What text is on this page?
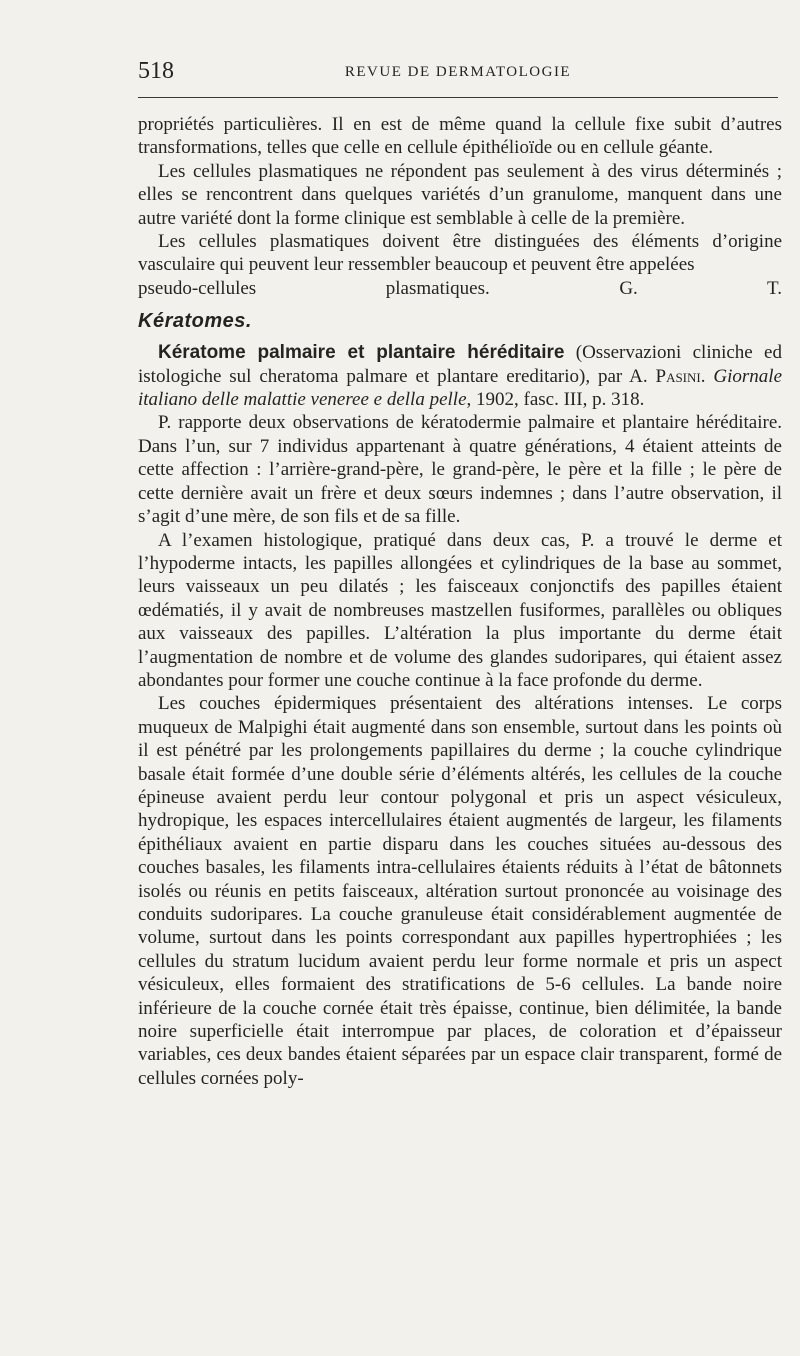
518	REVUE DE DERMATOLOGIE

propriétés particulières. Il en est de même quand la cellule fixe subit d’autres transformations, telles que celle en cellule épithélioïde ou en cellule géante.

Les cellules plasmatiques ne répondent pas seulement à des virus déterminés ; elles se rencontrent dans quelques variétés d’un granulome, manquent dans une autre variété dont la forme clinique est semblable à celle de la première.

Les cellules plasmatiques doivent être distinguées des éléments d’origine vasculaire qui peuvent leur ressembler beaucoup et peuvent être appelées

pseudo-cellules plasmatiques.	G. T.

Kératomes.

Kératome palmaire et plantaire héréditaire (Osservazioni cliniche ed istologiche sul cheratoma palmare et plantare ereditario), par A. Pasini. Giornale italiano delle malattie veneree e della pelle, 1902, fasc. III, p. 318.

P. rapporte deux observations de kératodermie palmaire et plantaire héréditaire. Dans l’un, sur 7 individus appartenant à quatre générations, 4 étaient atteints de cette affection : l’arrière-grand-père, le grand-père, le père et la fille ; le père de cette dernière avait un frère et deux sœurs indemnes ; dans l’autre observation, il s’agit d’une mère, de son fils et de sa fille.

A l’examen histologique, pratiqué dans deux cas, P. a trouvé le derme et l’hypoderme intacts, les papilles allongées et cylindriques de la base au sommet, leurs vaisseaux un peu dilatés ; les faisceaux conjonctifs des papilles étaient œdématiés, il y avait de nombreuses mastzellen fusiformes, parallèles ou obliques aux vaisseaux des papilles. L’altération la plus importante du derme était l’augmentation de nombre et de volume des glandes sudoripares, qui étaient assez abondantes pour former une couche continue à la face profonde du derme.

Les couches épidermiques présentaient des altérations intenses. Le corps muqueux de Malpighi était augmenté dans son ensemble, surtout dans les points où il est pénétré par les prolongements papillaires du derme ; la couche cylindrique basale était formée d’une double série d’éléments altérés, les cellules de la couche épineuse avaient perdu leur contour polygonal et pris un aspect vésiculeux, hydropique, les espaces intercellulaires étaient augmentés de largeur, les filaments épithéliaux avaient en partie disparu dans les couches situées au-dessous des couches basales, les filaments intra-cellulaires étaients réduits à l’état de bâtonnets isolés ou réunis en petits faisceaux, altération surtout prononcée au voisinage des conduits sudoripares. La couche granuleuse était considérablement augmentée de volume, surtout dans les points correspondant aux papilles hypertrophiées ; les cellules du stratum lucidum avaient perdu leur forme normale et pris un aspect vésiculeux, elles formaient des stratifications de 5-6 cellules. La bande noire inférieure de la couche cornée était très épaisse, continue, bien délimitée, la bande noire superficielle était interrompue par places, de coloration et d’épaisseur variables, ces deux bandes étaient séparées par un espace clair transparent, formé de cellules cornées poly-
